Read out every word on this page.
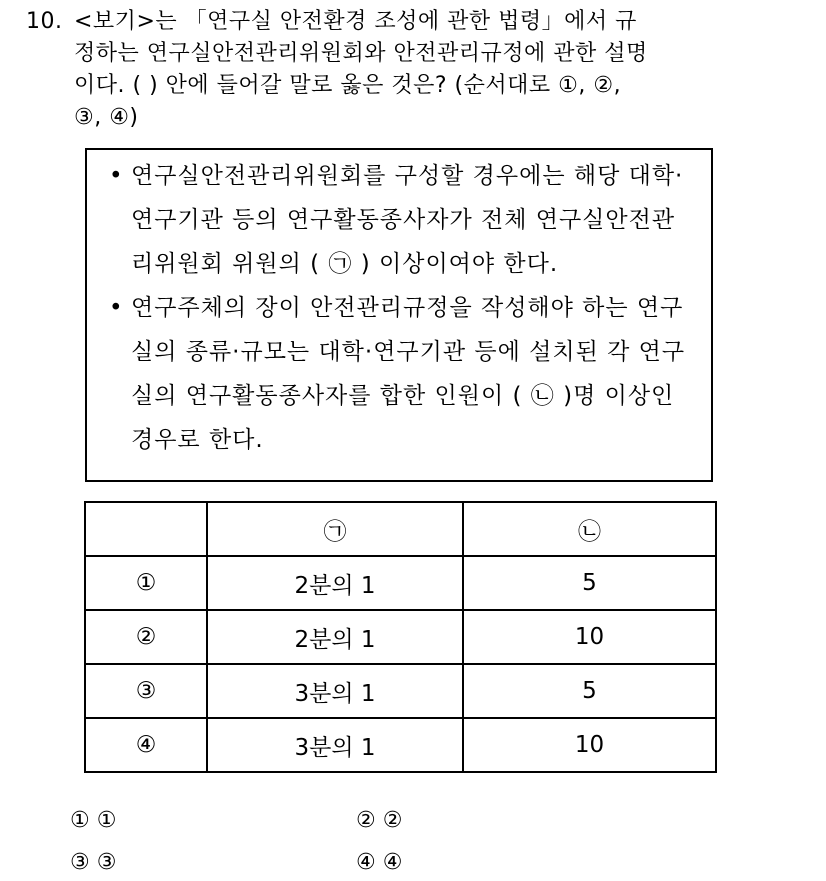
10. <보기>는 「연구실 안전환경 조성에 관한 법령」에서 규
정하는 연구실안전관리위원회와 안전관리규정에 관한 설명
이다. ( ) 안에 들어갈 말로 옳은 것은? (순서대로 ①, ②,
③, ④)
• 연구실안전관리위원회를 구성할 경우에는 해당 대학·연구기관 등의 연구활동종사자가 전체 연구실안전관리위원회 위원의 ( ㉠ ) 이상이여야 한다.
• 연구주체의 장이 안전관리규정을 작성해야 하는 연구실의 종류·규모는 대학·연구기관 등에 설치된 각 연구실의 연구활동종사자를 합한 인원이 ( ㉡ )명 이상인 경우로 한다.
	㉠	㉡
①	2분의 1	5
②	2분의 1	10
③	3분의 1	5
④	3분의 1	10
① ①	② ②
③ ③	④ ④
